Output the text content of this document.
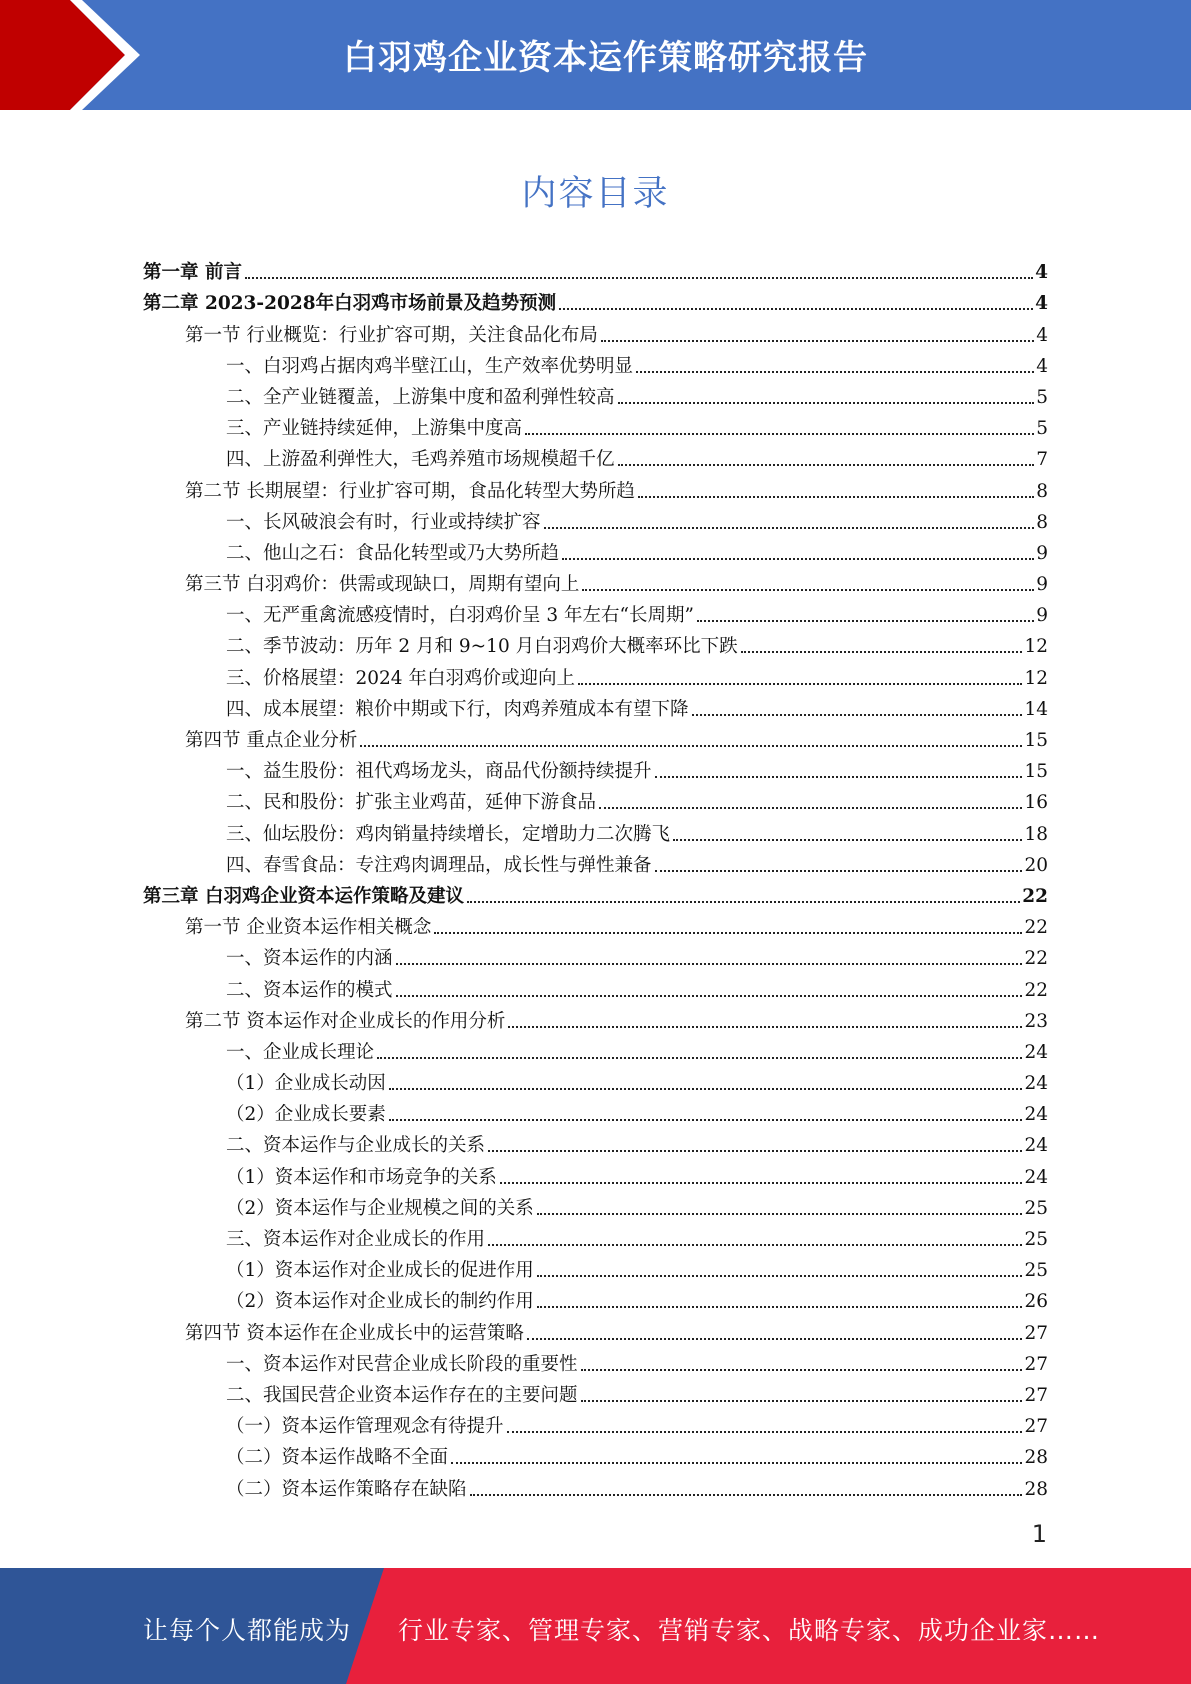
白羽鸡企业资本运作策略研究报告
内容目录
第一章 前言	4
第二章 2023-2028年白羽鸡市场前景及趋势预测	4
第一节 行业概览：行业扩容可期，关注食品化布局	4
一、白羽鸡占据肉鸡半壁江山，生产效率优势明显	4
二、全产业链覆盖，上游集中度和盈利弹性较高	5
三、产业链持续延伸，上游集中度高	5
四、上游盈利弹性大，毛鸡养殖市场规模超千亿	7
第二节 长期展望：行业扩容可期，食品化转型大势所趋	8
一、长风破浪会有时，行业或持续扩容	8
二、他山之石：食品化转型或乃大势所趋	9
第三节 白羽鸡价：供需或现缺口，周期有望向上	9
一、无严重禽流感疫情时，白羽鸡价呈 3 年左右“长周期”	9
二、季节波动：历年 2 月和 9~10 月白羽鸡价大概率环比下跌	12
三、价格展望：2024 年白羽鸡价或迎向上	12
四、成本展望：粮价中期或下行，肉鸡养殖成本有望下降	14
第四节 重点企业分析	15
一、益生股份：祖代鸡场龙头，商品代份额持续提升	15
二、民和股份：扩张主业鸡苗，延伸下游食品	16
三、仙坛股份：鸡肉销量持续增长，定增助力二次腾飞	18
四、春雪食品：专注鸡肉调理品，成长性与弹性兼备	20
第三章 白羽鸡企业资本运作策略及建议	22
第一节 企业资本运作相关概念	22
一、资本运作的内涵	22
二、资本运作的模式	22
第二节 资本运作对企业成长的作用分析	23
一、企业成长理论	24
（1）企业成长动因	24
（2）企业成长要素	24
二、资本运作与企业成长的关系	24
（1）资本运作和市场竞争的关系	24
（2）资本运作与企业规模之间的关系	25
三、资本运作对企业成长的作用	25
（1）资本运作对企业成长的促进作用	25
（2）资本运作对企业成长的制约作用	26
第四节 资本运作在企业成长中的运营策略	27
一、资本运作对民营企业成长阶段的重要性	27
二、我国民营企业资本运作存在的主要问题	27
（一）资本运作管理观念有待提升	27
（二）资本运作战略不全面	28
（二）资本运作策略存在缺陷	28
1
让每个人都能成为 行业专家、管理专家、营销专家、战略专家、成功企业家……
